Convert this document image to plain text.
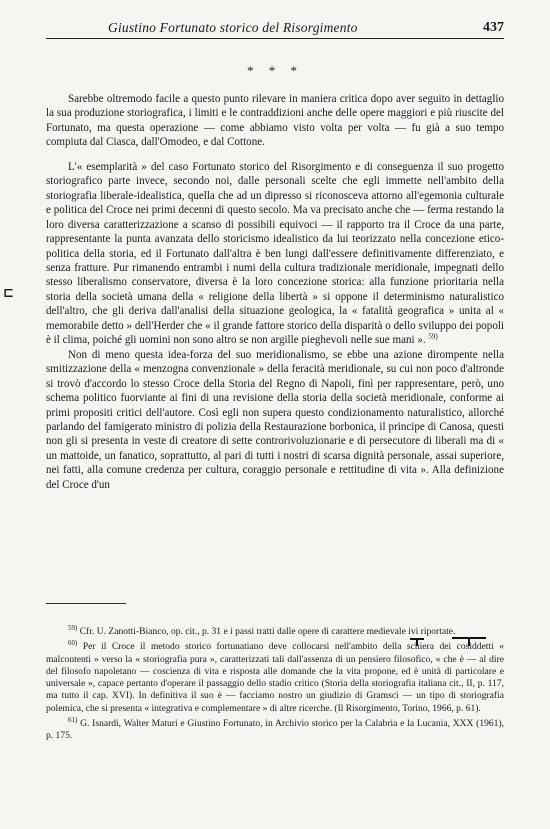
Giustino Fortunato storico del Risorgimento	437
* * *
⊏

Sarebbe oltremodo facile a questo punto rilevare in maniera critica dopo aver seguito in dettaglio la sua produzione storiografica, i limiti e le contraddizioni anche delle opere maggiori e più riuscite del Fortunato, ma questa operazione — come abbiamo visto volta per volta — fu già a suo tempo compiuta dal Ciasca, dall'Omodeo, e dal Cottone.

L'« esemplarità » del caso Fortunato storico del Risorgimento e di conseguenza il suo progetto storiografico parte invece, secondo noi, dalle personali scelte che egli immette nell'ambito della storiografia liberale-idealistica, quella che ad un dipresso si riconosceva attorno all'egemonia culturale e politica del Croce nei primi decenni di questo secolo. Ma va precisato anche che — ferma restando la loro diversa caratterizzazione a scanso di possibili equivoci — il rapporto tra il Croce da una parte, rappresentante la punta avanzata dello storicismo idealistico da lui teorizzato nella concezione etico-politica della storia, ed il Fortunato dall'altra è ben lungi dall'essere definitivamente differenziato, e senza fratture. Pur rimanendo entrambi i numi della cultura tradizionale meridionale, impegnati dello stesso liberalismo conservatore, diversa è la loro concezione storica: alla funzione prioritaria nella storia della società umana della « religione della libertà » si oppone il determinismo naturalistico dell'altro, che gli deriva dall'analisi della situazione geologica, la « fatalità geografica » unita al « memorabile detto » dell'Herder che « il grande fattore storico della disparità o dello sviluppo dei popoli è il clima, poiché gli uomini non sono altro se non argille pieghevoli nelle sue mani ». $^{59)}$

Non di meno questa idea-forza del suo meridionalismo, se ebbe una azione dirompente nella smitizzazione della « menzogna convenzionale » della feracità meridionale, su cui non poco d'altronde si trovò d'accordo lo stesso Croce della Storia del Regno di Napoli, finì per rappresentare, però, uno schema politico fuorviante ai fini di una revisione della storia della società meridionale, conforme ai primi propositi critici dell'autore. Così egli non supera questo condizionamento naturalistico, allorché parlando del famigerato ministro di polizia della Restaurazione borbonica, il principe di Canosa, questi non gli si presenta in veste di creatore di sette controrivoluzionarie e di persecutore di liberali ma di « un mattoide, un fanatico, soprattutto, al pari di tutti i nostri di scarsa dignità personale, assai superiore, nei fatti, alla comune credenza per cultura, coraggio personale e rettitudine di vita ». Alla definizione del Croce d'un

$^{59)}$ Cfr. U. Zanotti-Bianco, op. cit., p. 31 e i passi tratti dalle opere di carattere medievale ivi riportate.

$^{60)}$ Per il Croce il metodo storico fortunatiano deve collocarsi nell'ambito della schiera dei cosiddetti « malcontenti » verso la « storiografia pura », caratterizzati tali dall'assenza di un pensiero filosofico, « che è — al dire del filosofo napoletano — coscienza di vita e risposta alle domande che la vita propone, ed è unità di particolare e universale », capace pertanto d'operare il passaggio dello stadio critico (Storia della storiografia italiana cit., II, p. 117, ma tutto il cap. XVI). In definitiva il suo è — facciamo nostro un giudizio di Gramsci — un tipo di storiografia polemica, che si presenta « integrativa e complementare » di altre ricerche. (Il Risorgimento, Torino, 1966, p. 61).

$^{61)}$ G. Isnardi, Walter Maturi e Giustino Fortunato, in Archivio storico per la Calabria e la Lucania, XXX (1961), p. 175.
